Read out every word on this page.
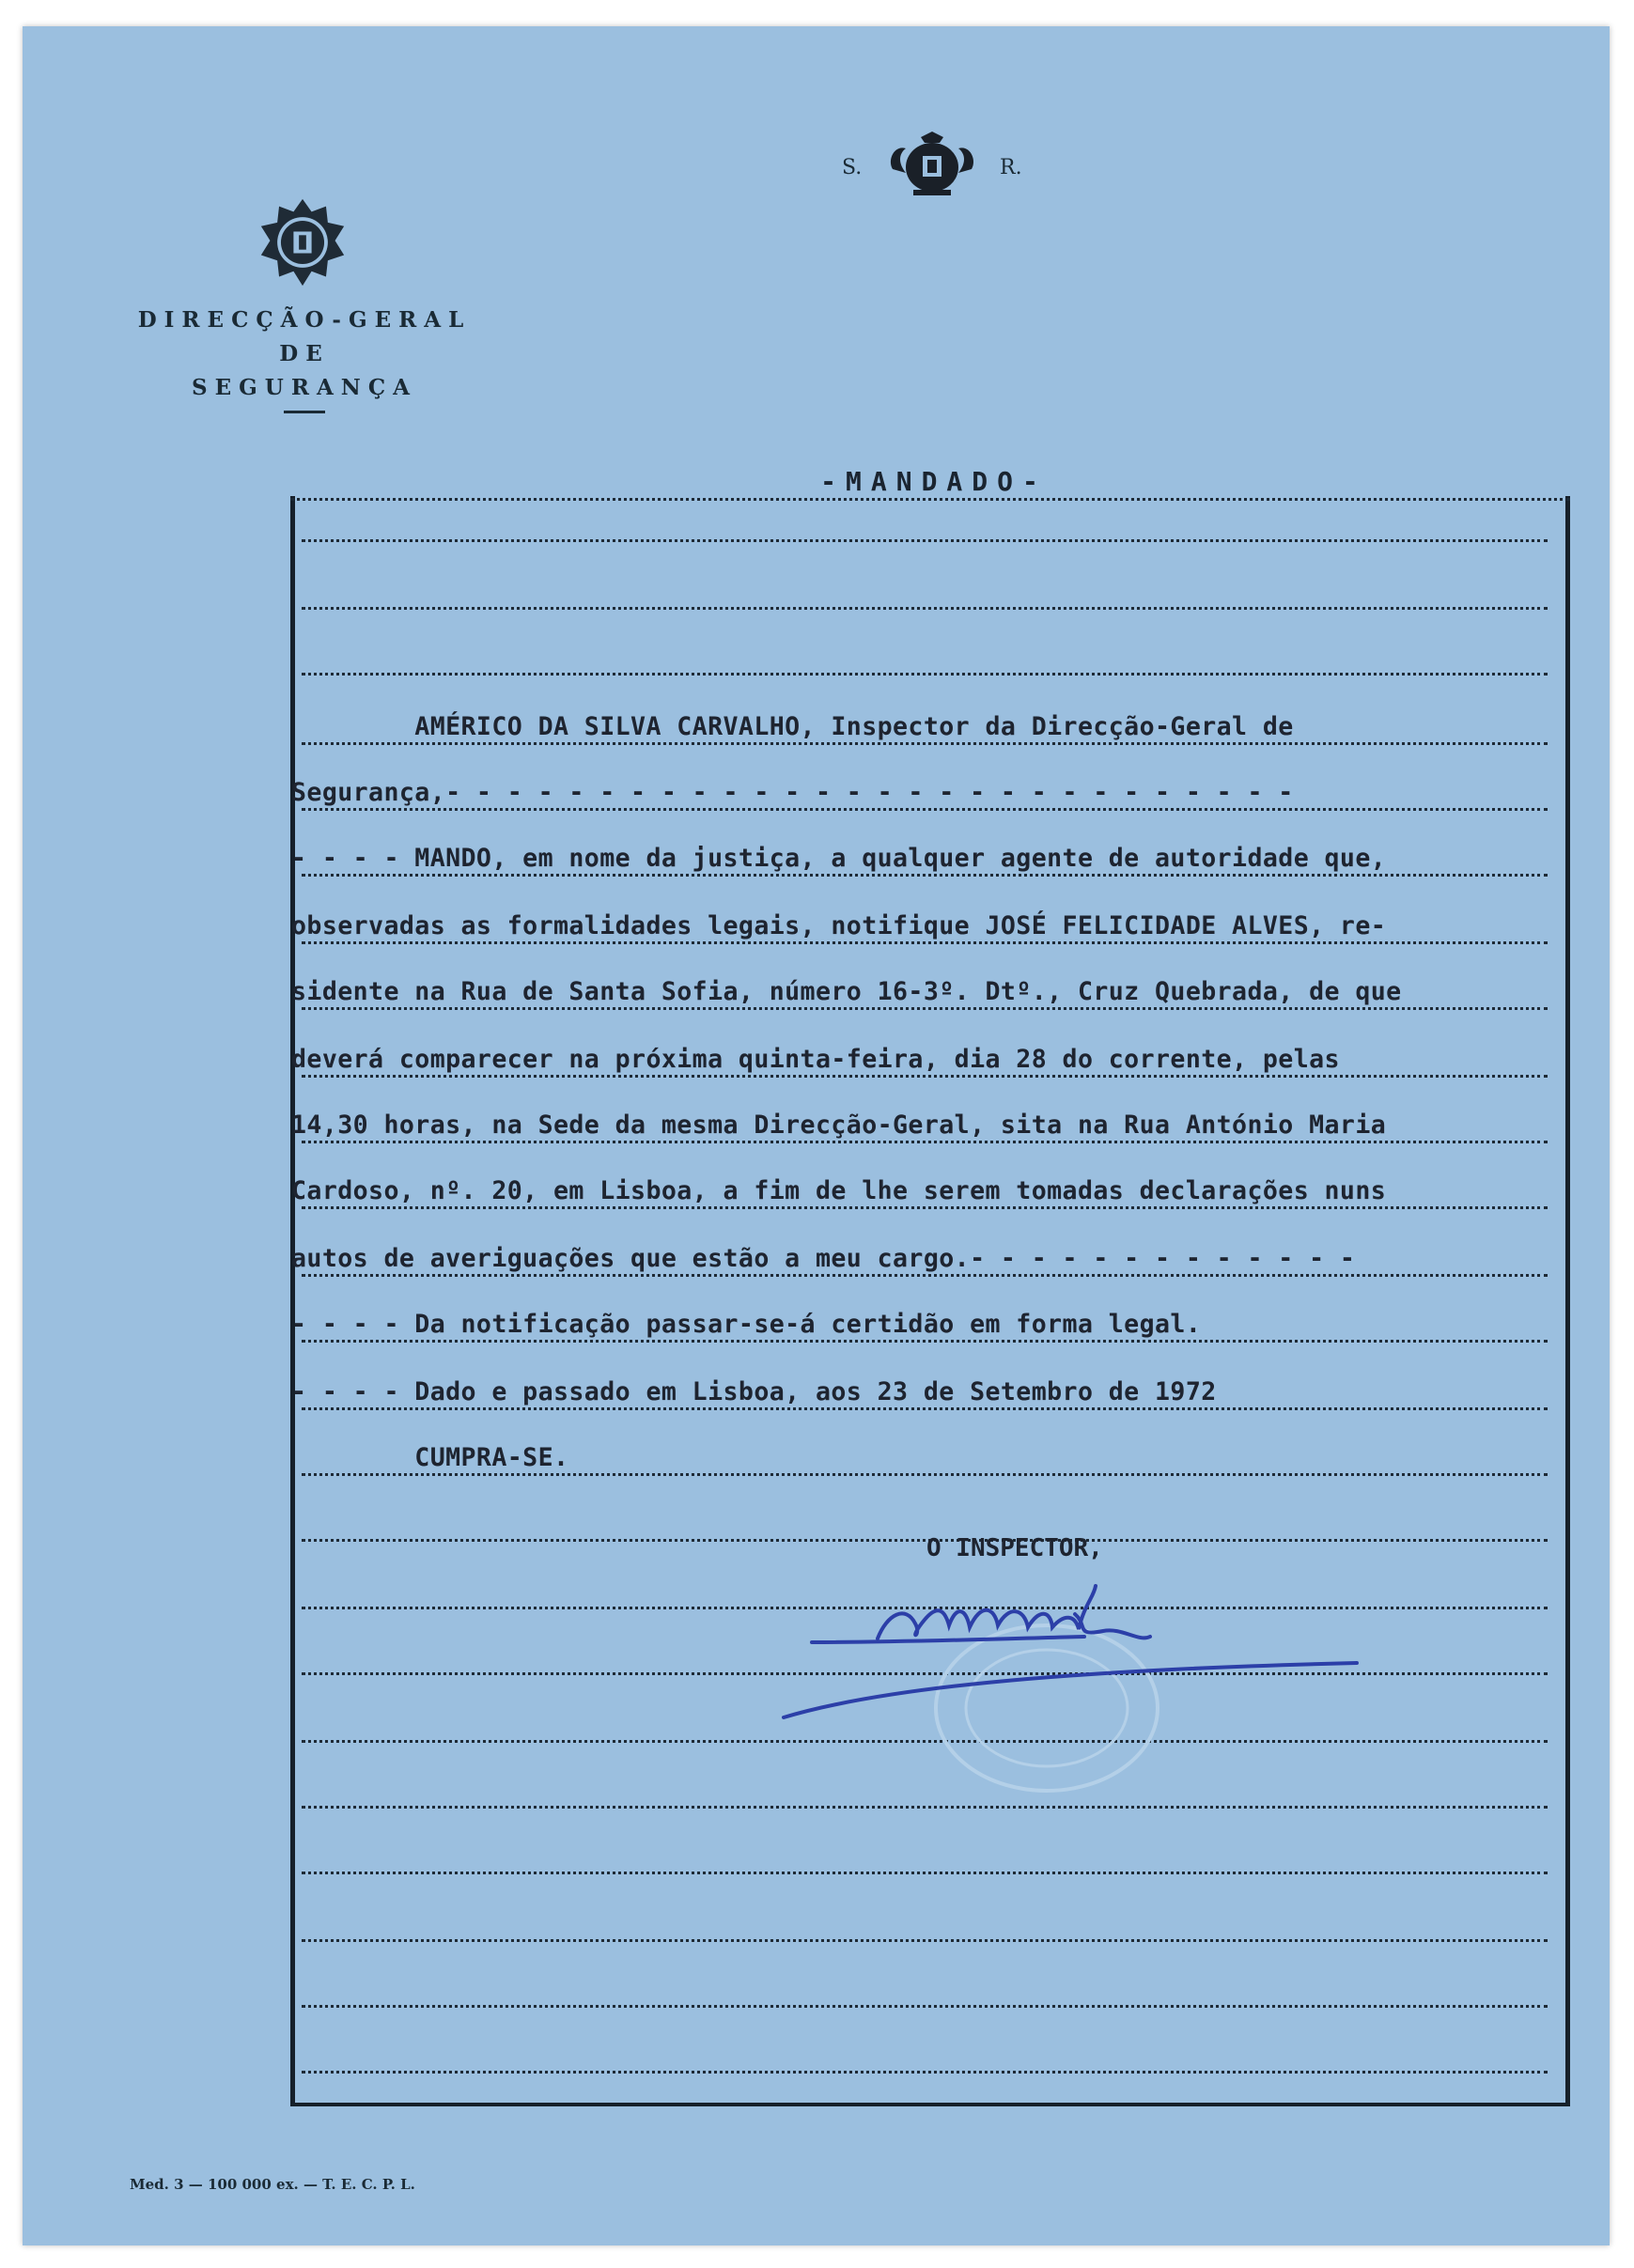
S.	R.
DIRECÇÃO-GERAL
DE
SEGURANÇA
-MANDADO-
AMÉRICO DA SILVA CARVALHO, Inspector da Direcção-Geral de
Segurança,- - - - - - - - - - - - - - - - - - - - - - - - - - - -
- - - - MANDO, em nome da justiça, a qualquer agente de autoridade que,
observadas as formalidades legais, notifique JOSÉ FELICIDADE ALVES, re-
sidente na Rua de Santa Sofia, número 16-3º. Dtº., Cruz Quebrada, de que
deverá comparecer na próxima quinta-feira, dia 28 do corrente, pelas
14,30 horas, na Sede da mesma Direcção-Geral, sita na Rua António Maria
Cardoso, nº. 20, em Lisboa, a fim de lhe serem tomadas declarações nuns
autos de averiguações que estão a meu cargo.- - - - - - - - - - - - -
- - - - Da notificação passar-se-á certidão em forma legal.
- - - - Dado e passado em Lisboa, aos 23 de Setembro de 1972
CUMPRA-SE.
O INSPECTOR,
Med. 3 — 100 000 ex. — T. E. C. P. L.
